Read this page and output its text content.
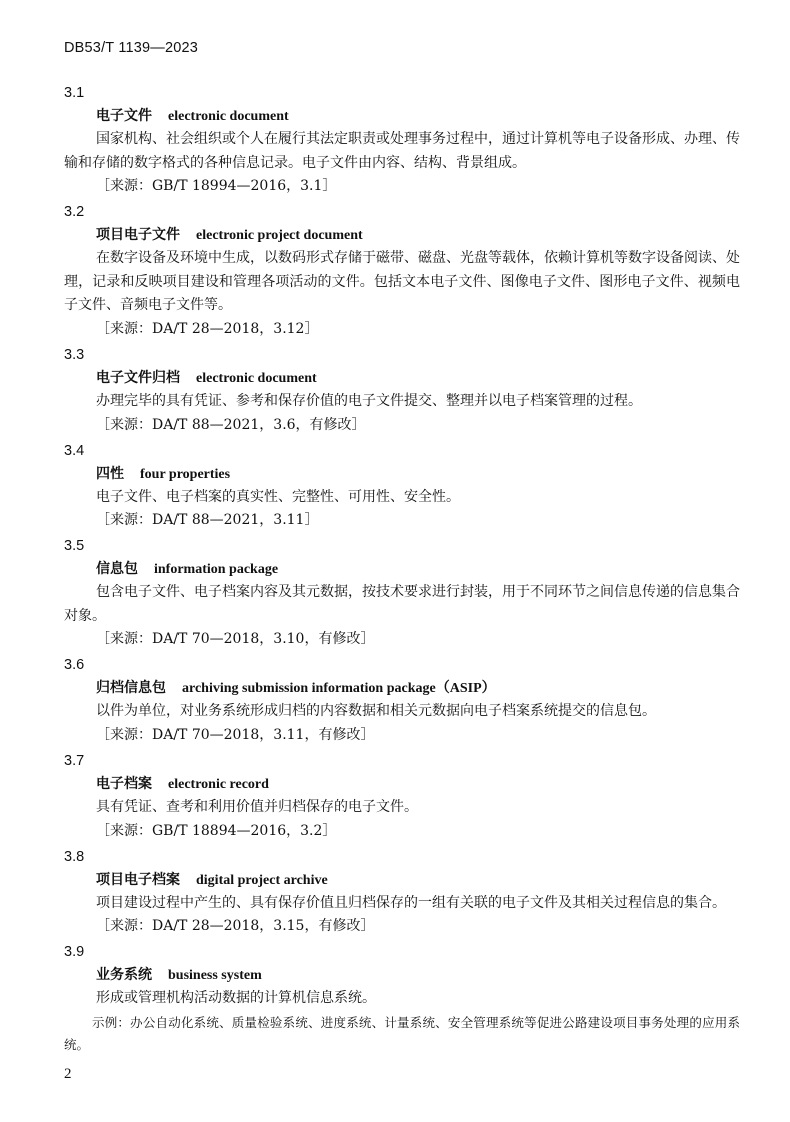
DB53/T 1139—2023
3.1
电子文件 electronic document
国家机构、社会组织或个人在履行其法定职责或处理事务过程中，通过计算机等电子设备形成、办理、传输和存储的数字格式的各种信息记录。电子文件由内容、结构、背景组成。
［来源：GB/T 18994—2016，3.1］
3.2
项目电子文件 electronic project document
在数字设备及环境中生成，以数码形式存储于磁带、磁盘、光盘等载体，依赖计算机等数字设备阅读、处理，记录和反映项目建设和管理各项活动的文件。包括文本电子文件、图像电子文件、图形电子文件、视频电子文件、音频电子文件等。
［来源：DA/T 28—2018，3.12］
3.3
电子文件归档 electronic document
办理完毕的具有凭证、参考和保存价值的电子文件提交、整理并以电子档案管理的过程。
［来源：DA/T 88—2021，3.6，有修改］
3.4
四性 four properties
电子文件、电子档案的真实性、完整性、可用性、安全性。
［来源：DA/T 88—2021，3.11］
3.5
信息包 information package
包含电子文件、电子档案内容及其元数据，按技术要求进行封装，用于不同环节之间信息传递的信息集合对象。
［来源：DA/T 70—2018，3.10，有修改］
3.6
归档信息包 archiving submission information package（ASIP）
以件为单位，对业务系统形成归档的内容数据和相关元数据向电子档案系统提交的信息包。
［来源：DA/T 70—2018，3.11，有修改］
3.7
电子档案 electronic record
具有凭证、查考和利用价值并归档保存的电子文件。
［来源：GB/T 18894—2016，3.2］
3.8
项目电子档案 digital project archive
项目建设过程中产生的、具有保存价值且归档保存的一组有关联的电子文件及其相关过程信息的集合。
［来源：DA/T 28—2018，3.15，有修改］
3.9
业务系统 business system
形成或管理机构活动数据的计算机信息系统。
示例：办公自动化系统、质量检验系统、进度系统、计量系统、安全管理系统等促进公路建设项目事务处理的应用系统。
2
